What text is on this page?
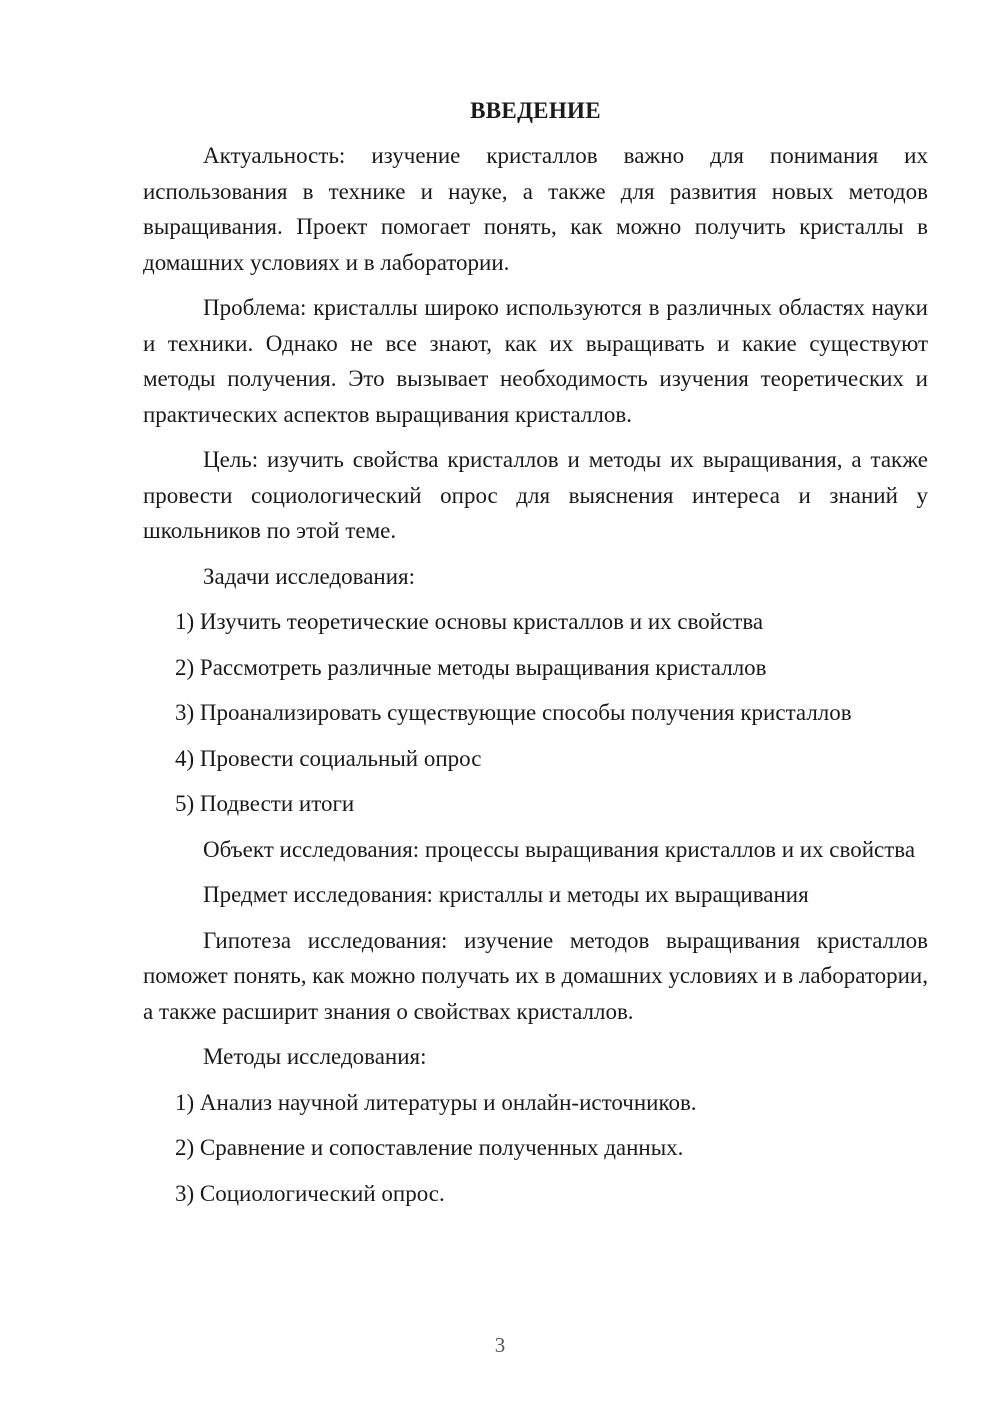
ВВЕДЕНИЕ

Актуальность: изучение кристаллов важно для понимания их использования в технике и науке, а также для развития новых методов выращивания. Проект помогает понять, как можно получить кристаллы в домашних условиях и в лаборатории.

Проблема: кристаллы широко используются в различных областях науки и техники. Однако не все знают, как их выращивать и какие существуют методы получения. Это вызывает необходимость изучения теоретических и практических аспектов выращивания кристаллов.

Цель: изучить свойства кристаллов и методы их выращивания, а также провести социологический опрос для выяснения интереса и знаний у школьников по этой теме.

Задачи исследования:

1) Изучить теоретические основы кристаллов и их свойства

2) Рассмотреть различные методы выращивания кристаллов

3) Проанализировать существующие способы получения кристаллов

4) Провести социальный опрос

5) Подвести итоги

Объект исследования: процессы выращивания кристаллов и их свойства

Предмет исследования: кристаллы и методы их выращивания

Гипотеза исследования: изучение методов выращивания кристаллов поможет понять, как можно получать их в домашних условиях и в лаборатории, а также расширит знания о свойствах кристаллов.

Методы исследования:

1) Анализ научной литературы и онлайн-источников.

2) Сравнение и сопоставление полученных данных.

3) Социологический опрос.

3
